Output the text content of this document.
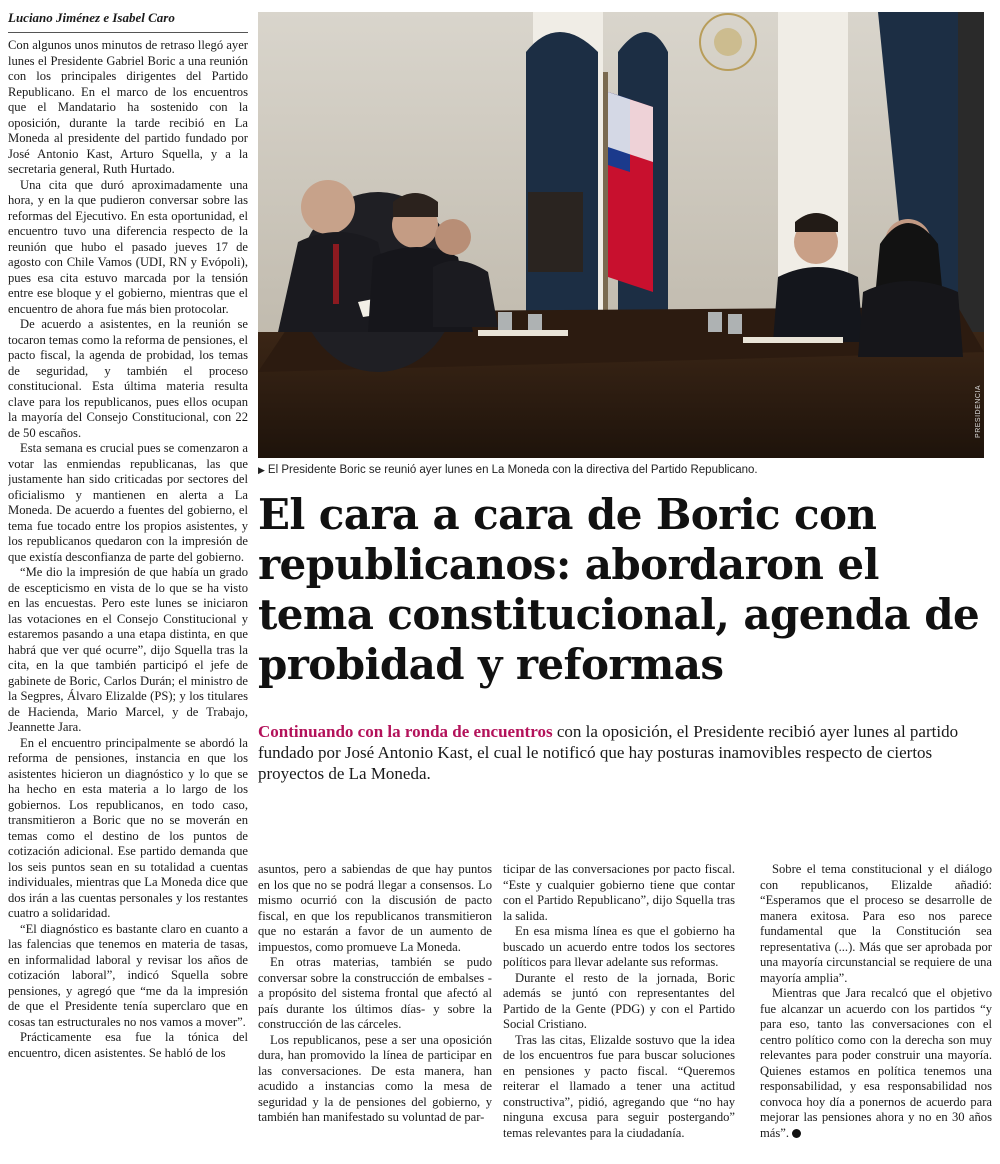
Luciano Jiménez e Isabel Caro

Con algunos unos minutos de retraso llegó ayer lunes el Presidente Gabriel Boric a una reunión con los principales dirigentes del Partido Republicano. En el marco de los encuentros que el Mandatario ha sostenido con la oposición, durante la tarde recibió en La Moneda al presidente del partido fundado por José Antonio Kast, Arturo Squella, y a la secretaria general, Ruth Hurtado.

Una cita que duró aproximadamente una hora, y en la que pudieron conversar sobre las reformas del Ejecutivo. En esta oportunidad, el encuentro tuvo una diferencia respecto de la reunión que hubo el pasado jueves 17 de agosto con Chile Vamos (UDI, RN y Evópoli), pues esa cita estuvo marcada por la tensión entre ese bloque y el gobierno, mientras que el encuentro de ahora fue más bien protocolar.

De acuerdo a asistentes, en la reunión se tocaron temas como la reforma de pensiones, el pacto fiscal, la agenda de probidad, los temas de seguridad, y también el proceso constitucional. Esta última materia resulta clave para los republicanos, pues ellos ocupan la mayoría del Consejo Constitucional, con 22 de 50 escaños.

Esta semana es crucial pues se comenzaron a votar las enmiendas republicanas, las que justamente han sido criticadas por sectores del oficialismo y mantienen en alerta a La Moneda. De acuerdo a fuentes del gobierno, el tema fue tocado entre los propios asistentes, y los republicanos quedaron con la impresión de que existía desconfianza de parte del gobierno.

“Me dio la impresión de que había un grado de escepticismo en vista de lo que se ha visto en las encuestas. Pero este lunes se iniciaron las votaciones en el Consejo Constitucional y estaremos pasando a una etapa distinta, en que habrá que ver qué ocurre”, dijo Squella tras la cita, en la que también participó el jefe de gabinete de Boric, Carlos Durán; el ministro de la Segpres, Álvaro Elizalde (PS); y los titulares de Hacienda, Mario Marcel, y de Trabajo, Jeannette Jara.

En el encuentro principalmente se abordó la reforma de pensiones, instancia en que los asistentes hicieron un diagnóstico y lo que se ha hecho en esta materia a lo largo de los gobiernos. Los republicanos, en todo caso, transmitieron a Boric que no se moverán en temas como el destino de los puntos de cotización adicional. Ese partido demanda que los seis puntos sean en su totalidad a cuentas individuales, mientras que La Moneda dice que dos irán a las cuentas personales y los restantes cuatro a solidaridad.

“El diagnóstico es bastante claro en cuanto a las falencias que tenemos en materia de tasas, en informalidad laboral y revisar los años de cotización laboral”, indicó Squella sobre pensiones, y agregó que “me da la impresión de que el Presidente tenía superclaro que en cosas tan estructurales no nos vamos a mover”.

Prácticamente esa fue la tónica del encuentro, dicen asistentes. Se habló de los

PRESIDENCIA
▶ El Presidente Boric se reunió ayer lunes en La Moneda con la directiva del Partido Republicano.
El cara a cara de Boric con republicanos: abordaron el tema constitucional, agenda de probidad y reformas
Continuando con la ronda de encuentros con la oposición, el Presidente recibió ayer lunes al partido fundado por José Antonio Kast, el cual le notificó que hay posturas inamovibles respecto de ciertos proyectos de La Moneda.

asuntos, pero a sabiendas de que hay puntos en los que no se podrá llegar a consensos. Lo mismo ocurrió con la discusión de pacto fiscal, en que los republicanos transmitieron que no estarán a favor de un aumento de impuestos, como promueve La Moneda.

En otras materias, también se pudo conversar sobre la construcción de embalses -a propósito del sistema frontal que afectó al país durante los últimos días- y sobre la construcción de las cárceles.

Los republicanos, pese a ser una oposición dura, han promovido la línea de participar en las conversaciones. De esta manera, han acudido a instancias como la mesa de seguridad y la de pensiones del gobierno, y también han manifestado su voluntad de par-

ticipar de las conversaciones por pacto fiscal. “Este y cualquier gobierno tiene que contar con el Partido Republicano”, dijo Squella tras la salida.

En esa misma línea es que el gobierno ha buscado un acuerdo entre todos los sectores políticos para llevar adelante sus reformas.

Durante el resto de la jornada, Boric además se juntó con representantes del Partido de la Gente (PDG) y con el Partido Social Cristiano.

Tras las citas, Elizalde sostuvo que la idea de los encuentros fue para buscar soluciones en pensiones y pacto fiscal. “Queremos reiterar el llamado a tener una actitud constructiva”, pidió, agregando que “no hay ninguna excusa para seguir postergando” temas relevantes para la ciudadanía.

Sobre el tema constitucional y el diálogo con republicanos, Elizalde añadió: “Esperamos que el proceso se desarrolle de manera exitosa. Para eso nos parece fundamental que la Constitución sea representativa (...). Más que ser aprobada por una mayoría circunstancial se requiere de una mayoría amplia”.

Mientras que Jara recalcó que el objetivo fue alcanzar un acuerdo con los partidos “y para eso, tanto las conversaciones con el centro político como con la derecha son muy relevantes para poder construir una mayoría. Quienes estamos en política tenemos una responsabilidad, y esa responsabilidad nos convoca hoy día a ponernos de acuerdo para mejorar las pensiones ahora y no en 30 años más”.
